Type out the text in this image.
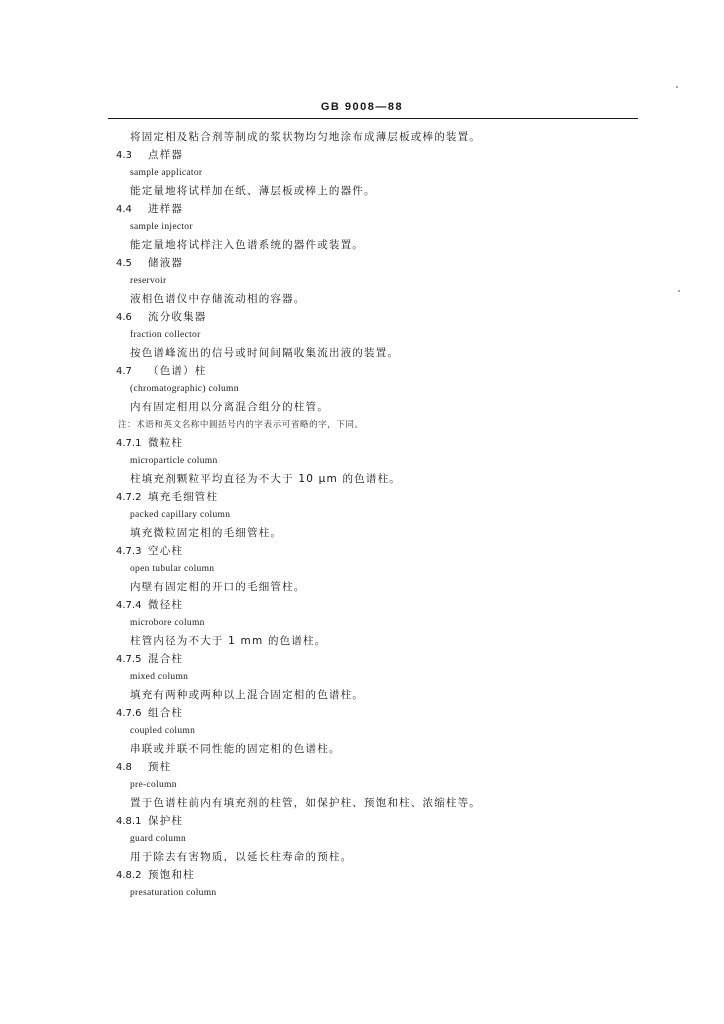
GB 9008—88
将固定相及粘合剂等制成的浆状物均匀地涂布成薄层板或棒的装置。
4.3 点样器
sample applicator
能定量地将试样加在纸、薄层板或棒上的器件。
4.4 进样器
sample injector
能定量地将试样注入色谱系统的器件或装置。
4.5 储液器
reservoir
液相色谱仪中存储流动相的容器。
4.6 流分收集器
fraction collector
按色谱峰流出的信号或时间间隔收集流出液的装置。
4.7 （色谱）柱
(chromatographic) column
内有固定相用以分离混合组分的柱管。
注：术语和英文名称中圆括号内的字表示可省略的字，下同。
4.7.1 微粒柱
microparticle column
柱填充剂颗粒平均直径为不大于 10 μm 的色谱柱。
4.7.2 填充毛细管柱
packed capillary column
填充微粒固定相的毛细管柱。
4.7.3 空心柱
open tubular column
内壁有固定相的开口的毛细管柱。
4.7.4 微径柱
microbore column
柱管内径为不大于 1 mm 的色谱柱。
4.7.5 混合柱
mixed column
填充有两种或两种以上混合固定相的色谱柱。
4.7.6 组合柱
coupled column
串联或并联不同性能的固定相的色谱柱。
4.8 预柱
pre-column
置于色谱柱前内有填充剂的柱管，如保护柱、预饱和柱、浓缩柱等。
4.8.1 保护柱
guard column
用于除去有害物质，以延长柱寿命的预柱。
4.8.2 预饱和柱
presaturation column
